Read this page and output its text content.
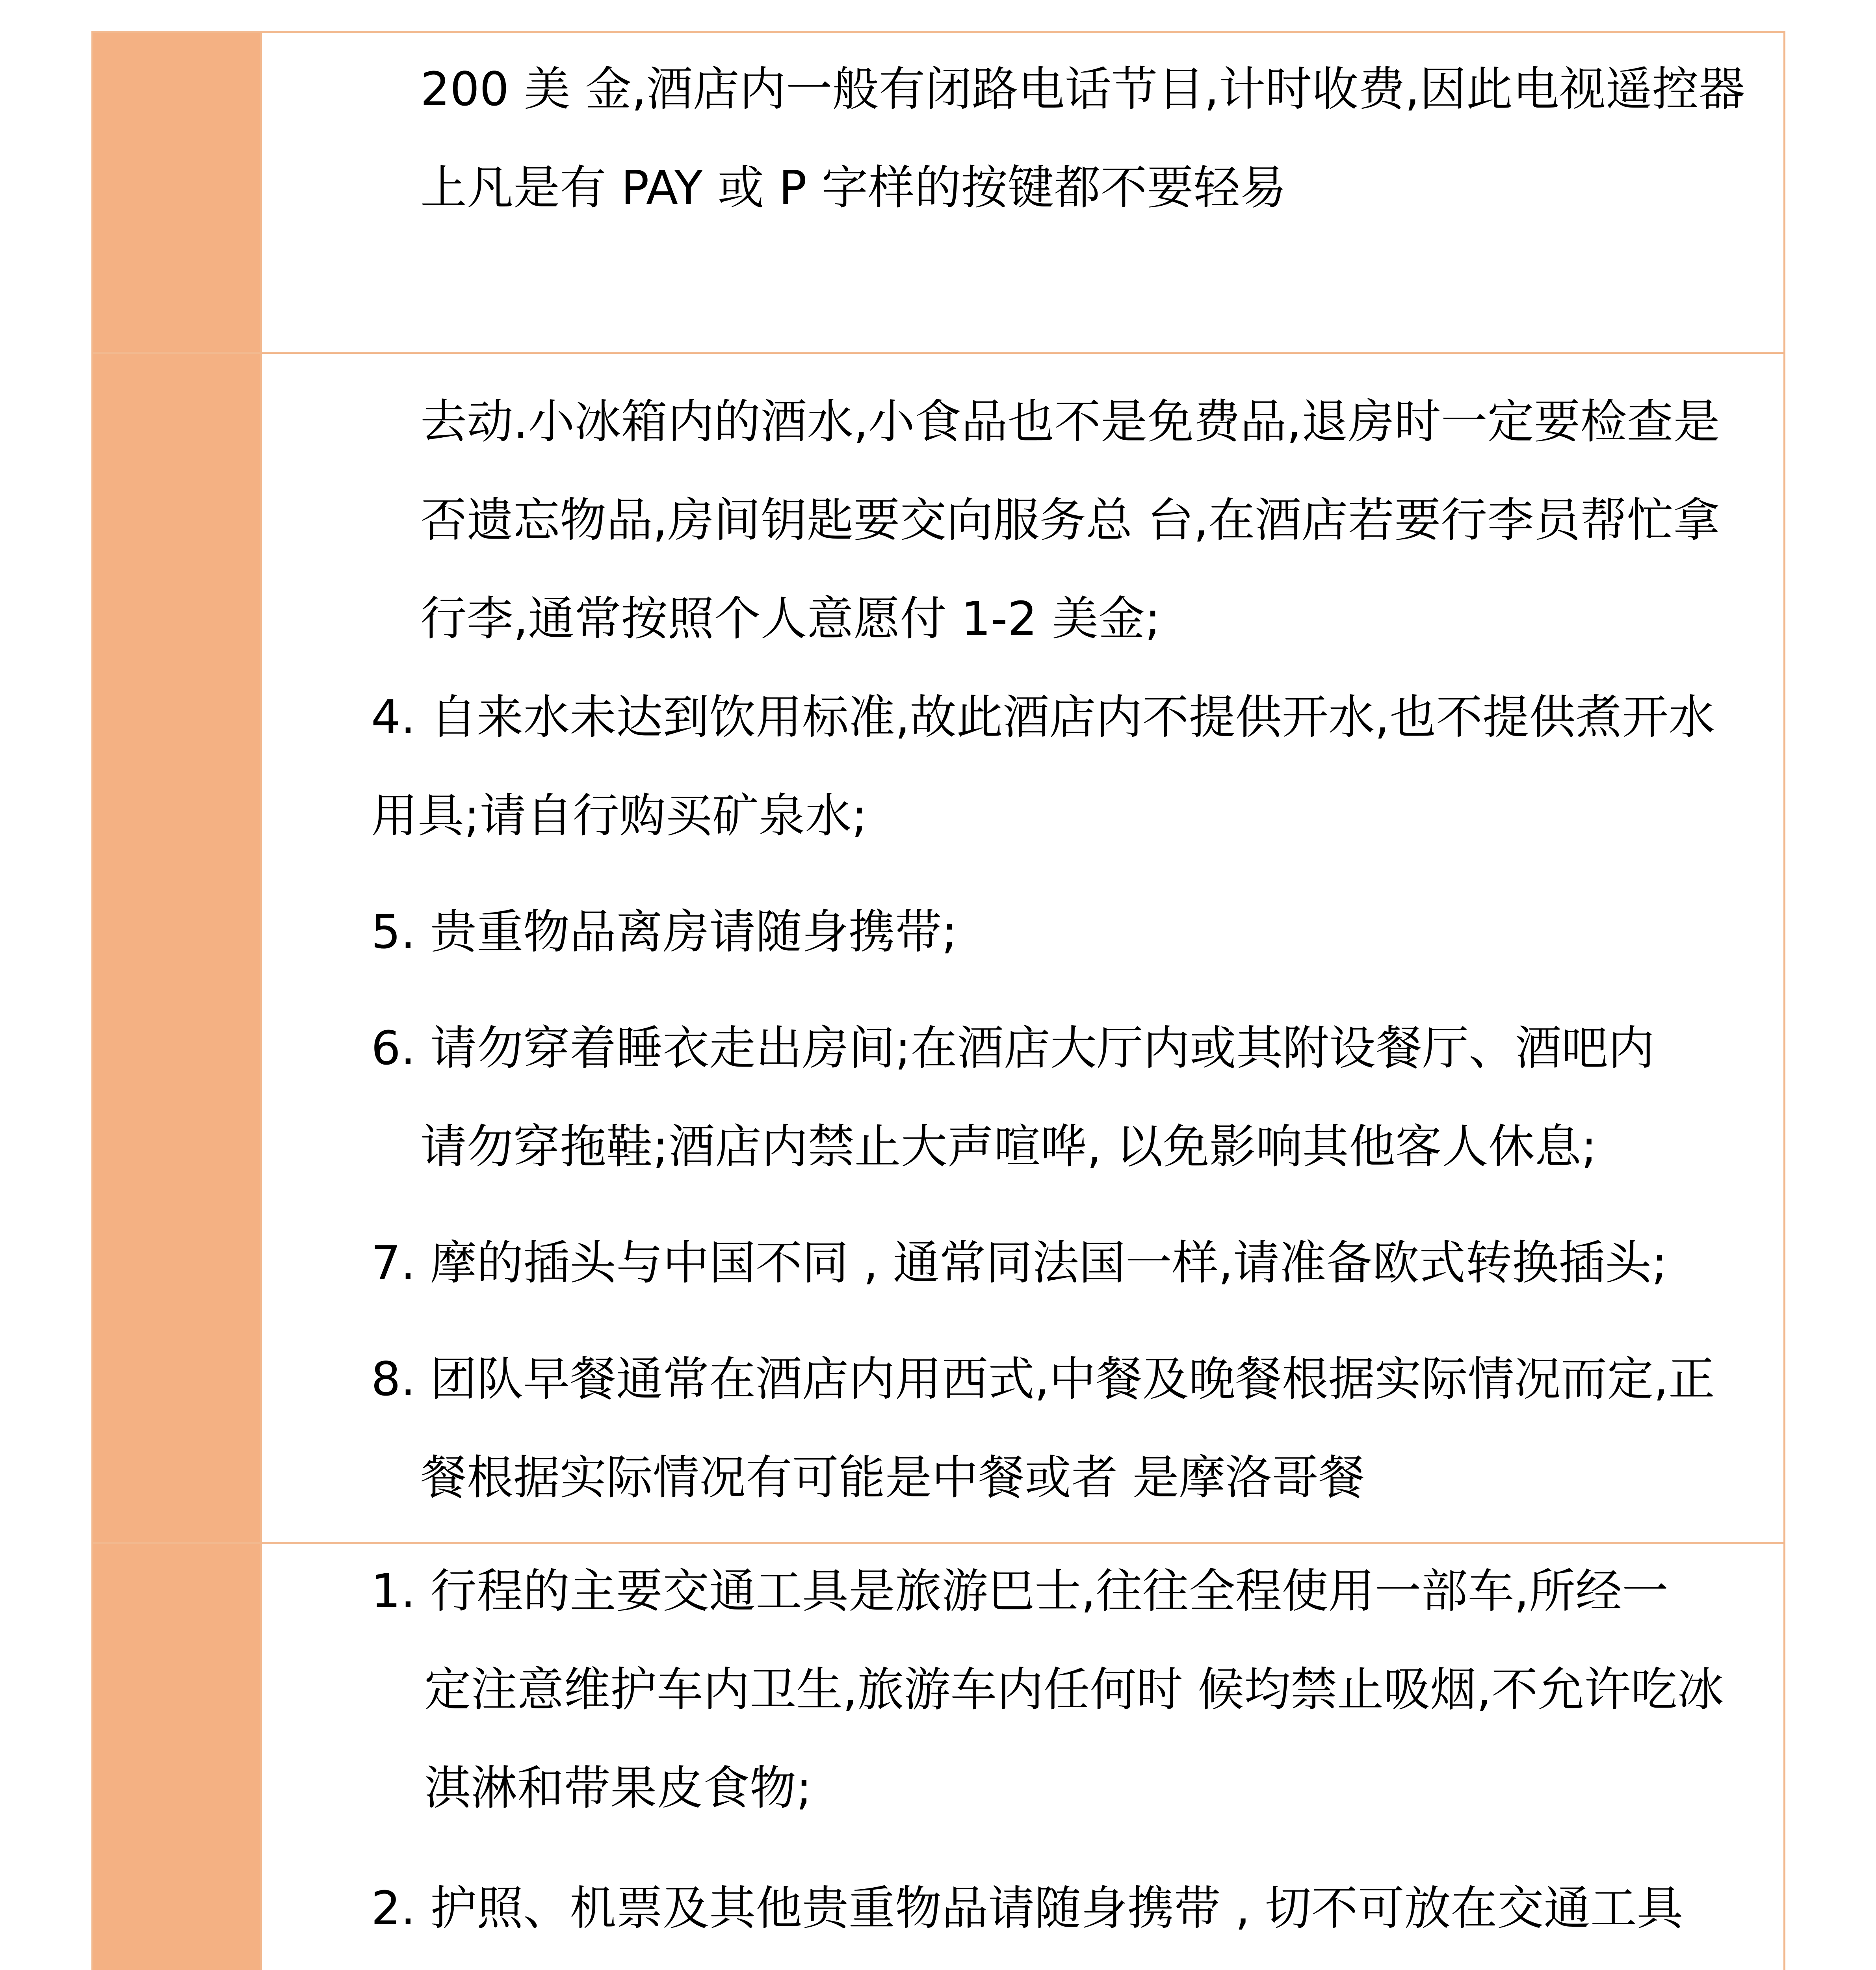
200 美 金,酒店内一般有闭路电话节目,计时收费,因此电视遥控器
上凡是有 PAY 或 P 字样的按键都不要轻易
去动.小冰箱内的酒水,小食品也不是免费品,退房时一定要检查是
否遗忘物品,房间钥匙要交向服务总 台,在酒店若要行李员帮忙拿
行李,通常按照个人意愿付 1-2 美金;
4. 自来水未达到饮用标准,故此酒店内不提供开水,也不提供煮开水
用具;请自行购买矿泉水;
5. 贵重物品离房请随身携带;
6. 请勿穿着睡衣走出房间;在酒店大厅内或其附设餐厅、酒吧内
请勿穿拖鞋;酒店内禁止大声喧哗, 以免影响其他客人休息;
7. 摩的插头与中国不同 , 通常同法国一样,请准备欧式转换插头;
8. 团队早餐通常在酒店内用西式,中餐及晚餐根据实际情况而定,正
餐根据实际情况有可能是中餐或者 是摩洛哥餐
1. 行程的主要交通工具是旅游巴士,往往全程使用一部车,所经一
定注意维护车内卫生,旅游车内任何时 候均禁止吸烟,不允许吃冰
淇淋和带果皮食物;
2. 护照、机票及其他贵重物品请随身携带 , 切不可放在交通工具
